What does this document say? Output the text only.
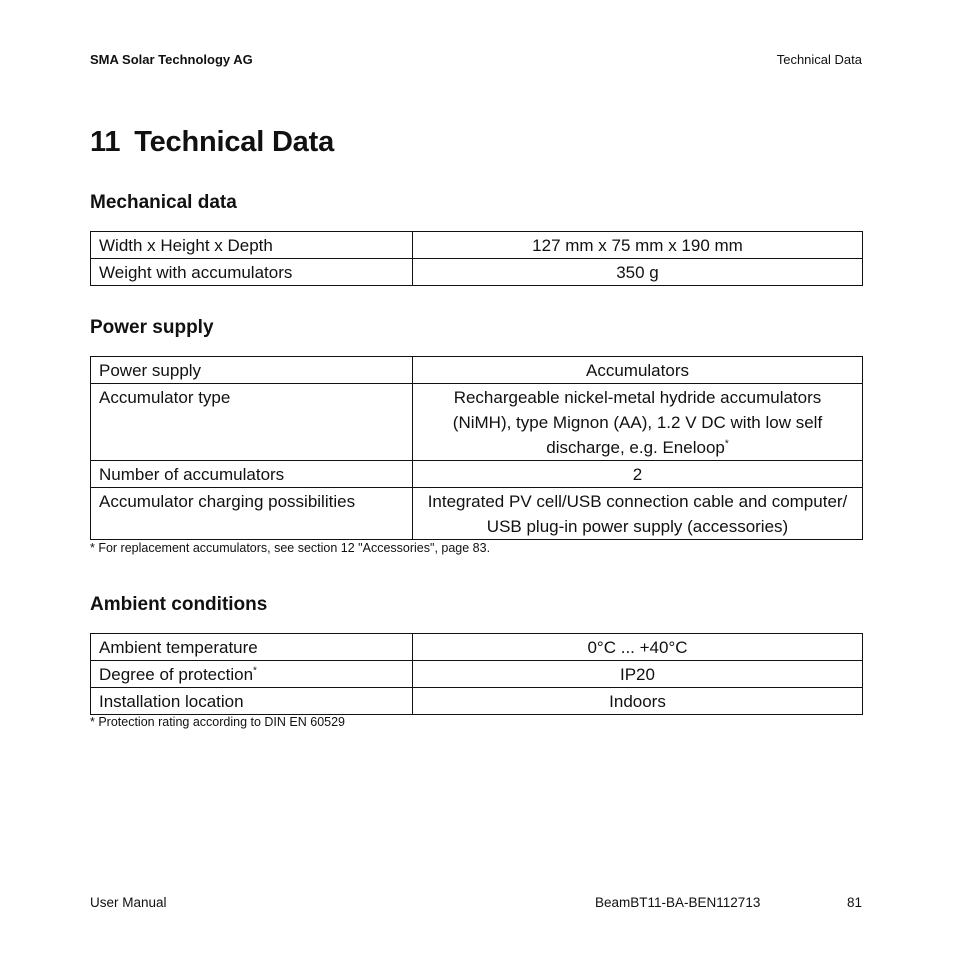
SMA Solar Technology AG	Technical Data
11 Technical Data
Mechanical data
Width x Height x Depth	127 mm x 75 mm x 190 mm
Weight with accumulators	350 g
Power supply
Power supply	Accumulators
Accumulator type	Rechargeable nickel-metal hydride accumulators
(NiMH), type Mignon (AA), 1.2 V DC with low self
discharge, e.g. Eneloop*
Number of accumulators	2
Accumulator charging possibilities	Integrated PV cell/USB connection cable and computer/
USB plug-in power supply (accessories)
* For replacement accumulators, see section 12 "Accessories", page 83.
Ambient conditions
Ambient temperature	0°C ... +40°C
Degree of protection*	IP20
Installation location	Indoors
* Protection rating according to DIN EN 60529
User Manual	BeamBT11-BA-BEN112713	81
